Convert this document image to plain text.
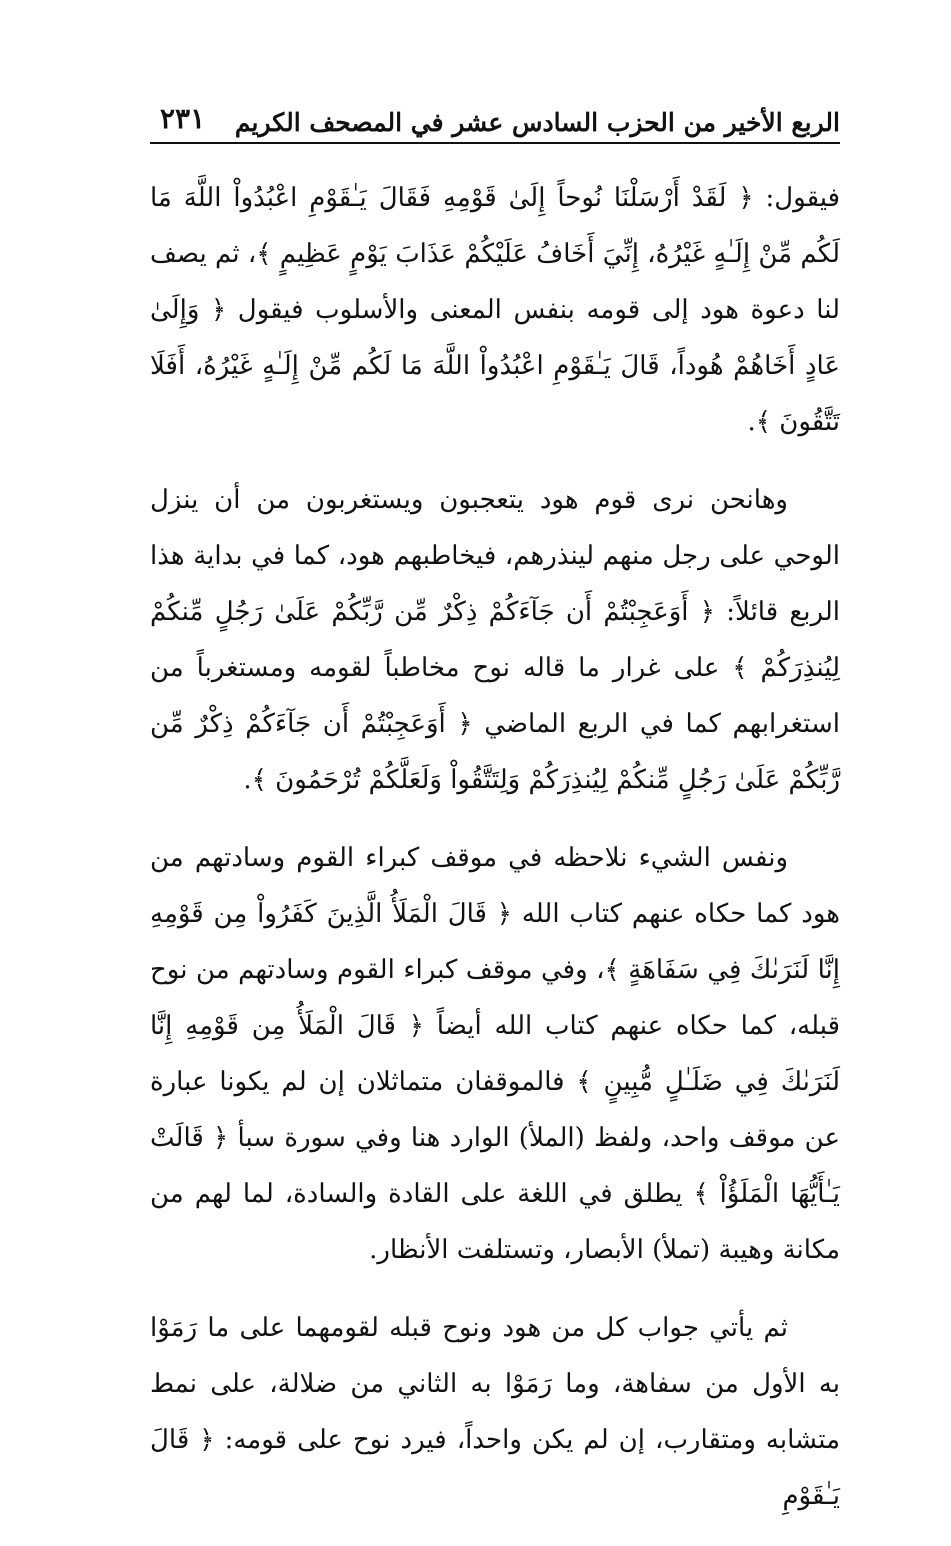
الربع الأخير من الحزب السادس عشر في المصحف الكريم
٢٣١

فيقول: ﴿ لَقَدْ أَرْسَلْنَا نُوحاً إِلَىٰ قَوْمِهِ فَقَالَ يَـٰقَوْمِ اعْبُدُواْ اللَّهَ مَا لَكُم مِّنْ إِلَـٰهٍ غَيْرُهُ، إِنِّيَ أَخَافُ عَلَيْكُمْ عَذَابَ يَوْمٍ عَظِيمٍ ﴾، ثم يصف لنا دعوة هود إلى قومه بنفس المعنى والأسلوب فيقول ﴿ وَإِلَىٰ عَادٍ أَخَاهُمْ هُوداً، قَالَ يَـٰقَوْمِ اعْبُدُواْ اللَّهَ مَا لَكُم مِّنْ إِلَـٰهٍ غَيْرُهُ، أَفَلَا تَتَّقُونَ ﴾.

وهانحن نرى قوم هود يتعجبون ويستغربون من أن ينزل الوحي على رجل منهم لينذرهم، فيخاطبهم هود، كما في بداية هذا الربع قائلاً: ﴿ أَوَعَجِبْتُمْ أَن جَآءَكُمْ ذِكْرٌ مِّن رَّبِّكُمْ عَلَىٰ رَجُلٍ مِّنكُمْ لِيُنذِرَكُمْ ﴾ على غرار ما قاله نوح مخاطباً لقومه ومستغرباً من استغرابهم كما في الربع الماضي ﴿ أَوَعَجِبْتُمْ أَن جَآءَكُمْ ذِكْرٌ مِّن رَّبِّكُمْ عَلَىٰ رَجُلٍ مِّنكُمْ لِيُنذِرَكُمْ وَلِتَتَّقُواْ وَلَعَلَّكُمْ تُرْحَمُونَ ﴾.

ونفس الشيء نلاحظه في موقف كبراء القوم وسادتهم من هود كما حكاه عنهم كتاب الله ﴿ قَالَ الْمَلَأُ الَّذِينَ كَفَرُواْ مِن قَوْمِهِ إِنَّا لَنَرَىٰكَ فِي سَفَاهَةٍ ﴾، وفي موقف كبراء القوم وسادتهم من نوح قبله، كما حكاه عنهم كتاب الله أيضاً ﴿ قَالَ الْمَلَأُ مِن قَوْمِهِ إِنَّا لَنَرَىٰكَ فِي ضَلَـٰلٍ مُّبِينٍ ﴾ فالموقفان متماثلان إن لم يكونا عبارة عن موقف واحد، ولفظ (الملأ) الوارد هنا وفي سورة سبأ ﴿ قَالَتْ يَـٰأَيُّهَا الْمَلَؤُاْ ﴾ يطلق في اللغة على القادة والسادة، لما لهم من مكانة وهيبة (تملأ) الأبصار، وتستلفت الأنظار.

ثم يأتي جواب كل من هود ونوح قبله لقومهما على ما رَمَوْا به الأول من سفاهة، وما رَمَوْا به الثاني من ضلالة، على نمط متشابه ومتقارب، إن لم يكن واحداً، فيرد نوح على قومه: ﴿ قَالَ يَـٰقَوْمِ
